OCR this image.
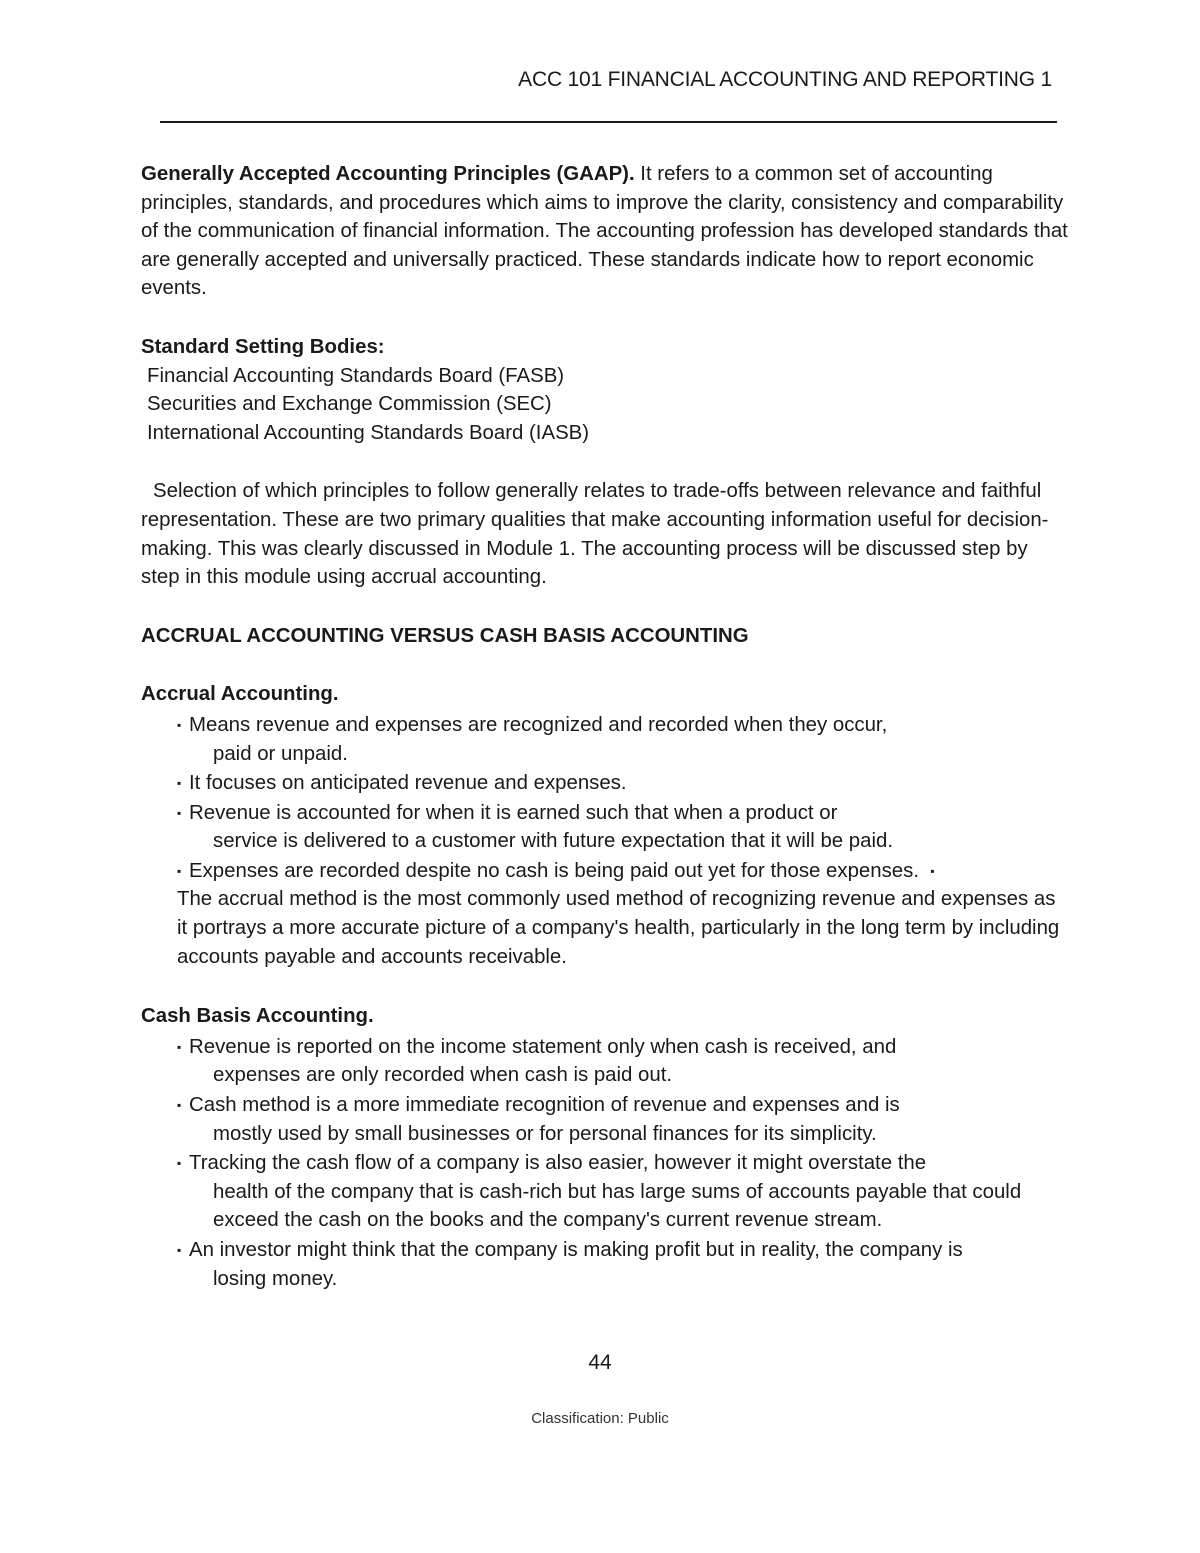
ACC 101 FINANCIAL ACCOUNTING AND REPORTING 1

Generally Accepted Accounting Principles (GAAP). It refers to a common set of accounting principles, standards, and procedures which aims to improve the clarity, consistency and comparability of the communication of financial information. The accounting profession has developed standards that are generally accepted and universally practiced. These standards indicate how to report economic events.

Standard Setting Bodies:

Financial Accounting Standards Board (FASB)

Securities and Exchange Commission (SEC)

International Accounting Standards Board (IASB)

Selection of which principles to follow generally relates to trade-offs between relevance and faithful representation. These are two primary qualities that make accounting information useful for decision-making. This was clearly discussed in Module 1. The accounting process will be discussed step by step in this module using accrual accounting.

ACCRUAL ACCOUNTING VERSUS CASH BASIS ACCOUNTING

Accrual Accounting.

▪ Means revenue and expenses are recognized and recorded when they occur,
paid or unpaid.
▪ It focuses on anticipated revenue and expenses.
▪ Revenue is accounted for when it is earned such that when a product or
service is delivered to a customer with future expectation that it will be paid.
▪ Expenses are recorded despite no cash is being paid out yet for those expenses. ▪
The accrual method is the most commonly used method of recognizing revenue and expenses as it portrays a more accurate picture of a company's health, particularly in the long term by including accounts payable and accounts receivable.

Cash Basis Accounting.

▪ Revenue is reported on the income statement only when cash is received, and
expenses are only recorded when cash is paid out.
▪ Cash method is a more immediate recognition of revenue and expenses and is
mostly used by small businesses or for personal finances for its simplicity.
▪ Tracking the cash flow of a company is also easier, however it might overstate the
health of the company that is cash-rich but has large sums of accounts payable that could exceed the cash on the books and the company's current revenue stream.
▪ An investor might think that the company is making profit but in reality, the company is
losing money.
44
Classification: Public
